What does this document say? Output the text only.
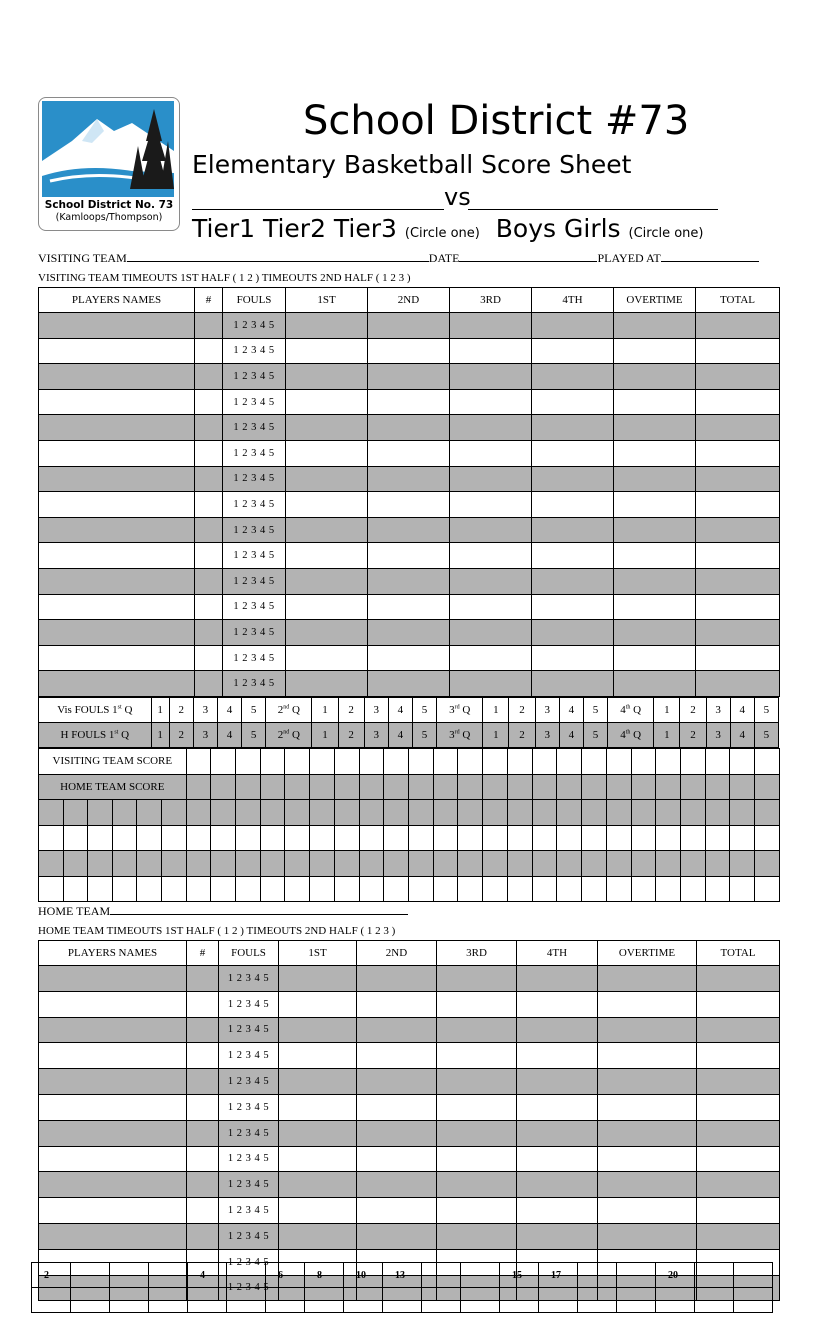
School District No. 73
(Kamloops/Thompson)
School District #73
Elementary Basketball Score Sheet
vs
Tier1 Tier2 Tier3 (Circle one) Boys Girls (Circle one)
VISITING TEAM	DATE	PLAYED AT
VISITING TEAM TIMEOUTS 1ST HALF ( 1 2 ) TIMEOUTS 2ND HALF ( 1 2 3 )
PLAYERS NAMES	#	FOULS	1ST	2ND	3RD	4TH	OVERTIME	TOTAL
		1 2 3 4 5						
		1 2 3 4 5						
		1 2 3 4 5						
		1 2 3 4 5						
		1 2 3 4 5						
		1 2 3 4 5						
		1 2 3 4 5						
		1 2 3 4 5						
		1 2 3 4 5						
		1 2 3 4 5						
		1 2 3 4 5						
		1 2 3 4 5						
		1 2 3 4 5						
		1 2 3 4 5						
		1 2 3 4 5						
Vis FOULS 1st Q	1	2	3	4	5	2nd Q	1	2	3	4	5	3rd Q	1	2	3	4	5	4th Q	1	2	3	4	5
H FOULS 1st Q	1	2	3	4	5	2nd Q	1	2	3	4	5	3rd Q	1	2	3	4	5	4th Q	1	2	3	4	5
VISITING TEAM SCORE																													
HOME TEAM SCORE																													

HOME TEAM
HOME TEAM TIMEOUTS 1ST HALF ( 1 2 ) TIMEOUTS 2ND HALF ( 1 2 3 )
PLAYERS NAMES	#	FOULS	1ST	2ND	3RD	4TH	OVERTIME	TOTAL
		1 2 3 4 5						
		1 2 3 4 5						
		1 2 3 4 5						
		1 2 3 4 5						
		1 2 3 4 5						
		1 2 3 4 5						
		1 2 3 4 5						
		1 2 3 4 5						
		1 2 3 4 5						
		1 2 3 4 5						
		1 2 3 4 5						
		1 2 3 4 5						
		1 2 3 4 5						
2				4		6	8	10	13			15	17			20		
